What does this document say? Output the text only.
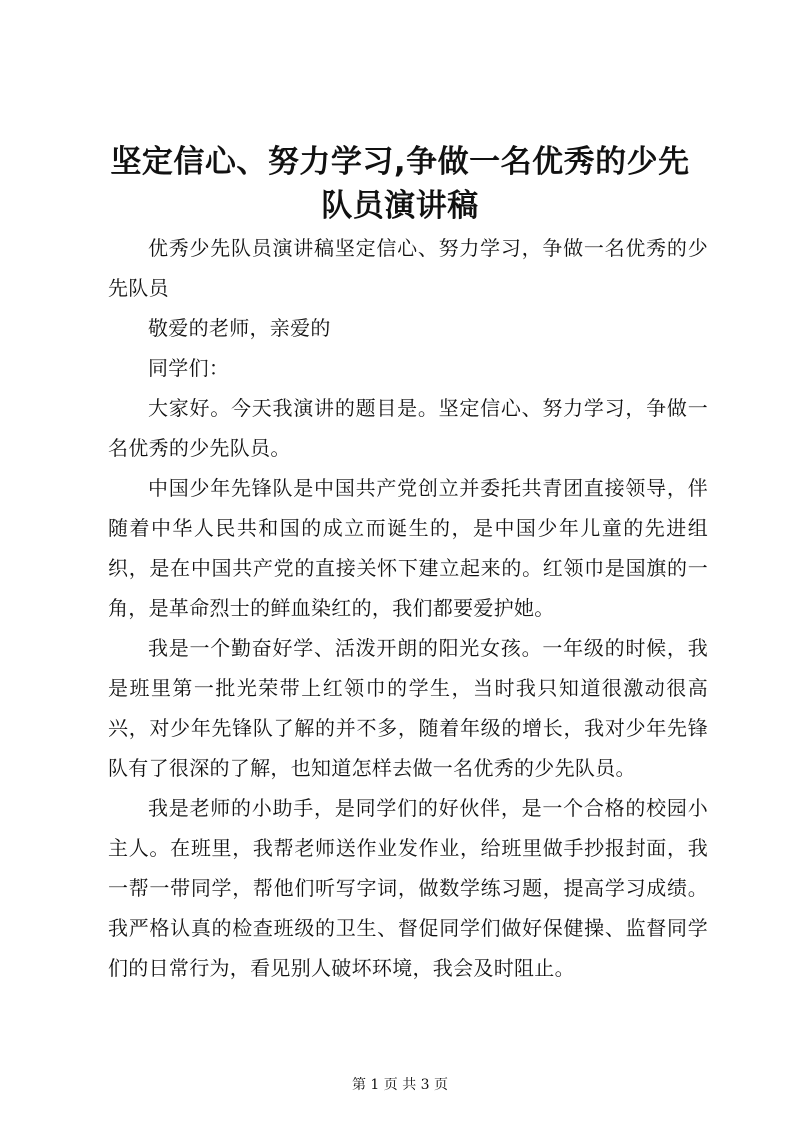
坚定信心、努力学习,争做一名优秀的少先队员演讲稿

优秀少先队员演讲稿坚定信心、努力学习，争做一名优秀的少先队员

敬爱的老师，亲爱的

同学们：

大家好。今天我演讲的题目是。坚定信心、努力学习，争做一名优秀的少先队员。

中国少年先锋队是中国共产党创立并委托共青团直接领导，伴随着中华人民共和国的成立而诞生的，是中国少年儿童的先进组织，是在中国共产党的直接关怀下建立起来的。红领巾是国旗的一角，是革命烈士的鲜血染红的，我们都要爱护她。

我是一个勤奋好学、活泼开朗的阳光女孩。一年级的时候，我是班里第一批光荣带上红领巾的学生，当时我只知道很激动很高兴，对少年先锋队了解的并不多，随着年级的增长，我对少年先锋队有了很深的了解，也知道怎样去做一名优秀的少先队员。

我是老师的小助手，是同学们的好伙伴，是一个合格的校园小主人。在班里，我帮老师送作业发作业，给班里做手抄报封面，我一帮一带同学，帮他们听写字词，做数学练习题，提高学习成绩。我严格认真的检查班级的卫生、督促同学们做好保健操、监督同学们的日常行为，看见别人破坏环境，我会及时阻止。

第 1 页 共 3 页
